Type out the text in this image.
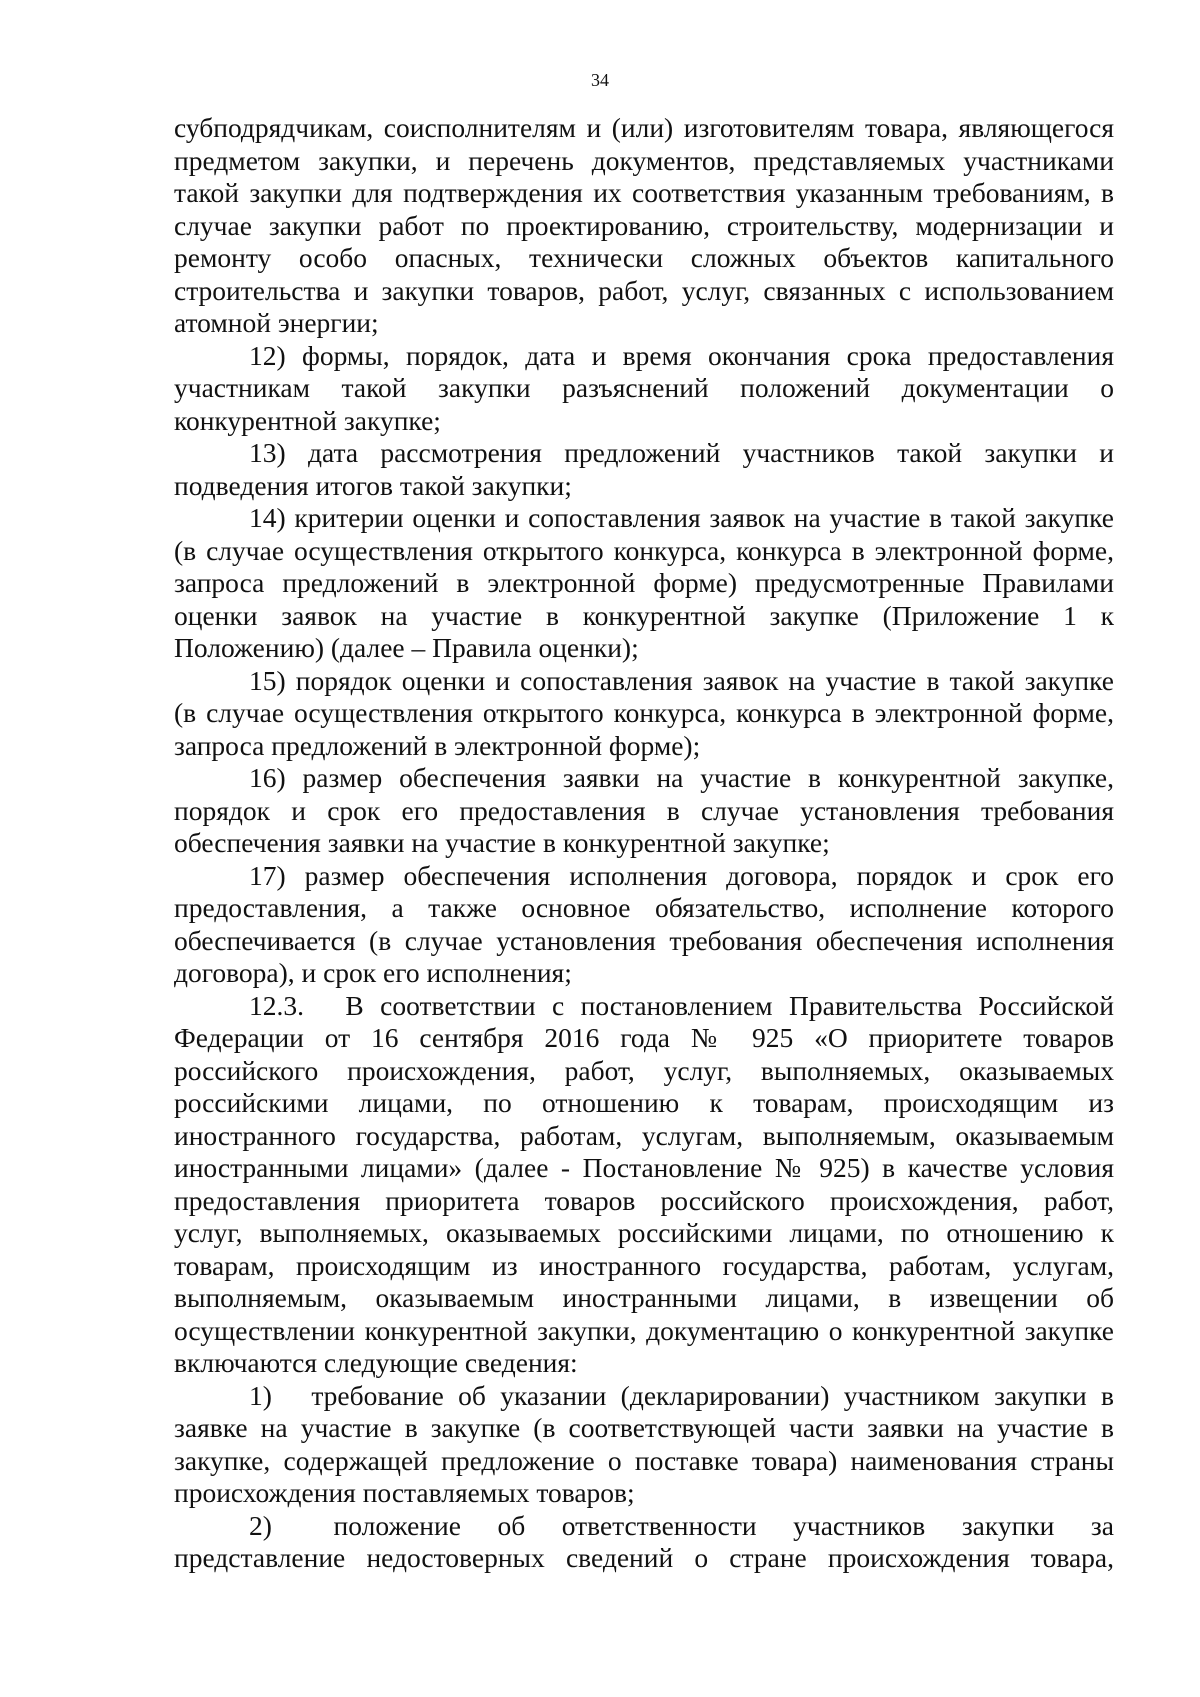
34
субподрядчикам, соисполнителям и (или) изготовителям товара, являющегося
предметом закупки, и перечень документов, представляемых участниками
такой закупки для подтверждения их соответствия указанным требованиям, в
случае закупки работ по проектированию, строительству, модернизации и
ремонту особо опасных, технически сложных объектов капитального
строительства и закупки товаров, работ, услуг, связанных с использованием
атомной энергии;
12) формы, порядок, дата и время окончания срока предоставления
участникам такой закупки разъяснений положений документации о
конкурентной закупке;
13) дата рассмотрения предложений участников такой закупки и
подведения итогов такой закупки;
14) критерии оценки и сопоставления заявок на участие в такой закупке
(в случае осуществления открытого конкурса, конкурса в электронной форме,
запроса предложений в электронной форме) предусмотренные Правилами
оценки заявок на участие в конкурентной закупке (Приложение 1 к
Положению) (далее – Правила оценки);
15) порядок оценки и сопоставления заявок на участие в такой закупке
(в случае осуществления открытого конкурса, конкурса в электронной форме,
запроса предложений в электронной форме);
16) размер обеспечения заявки на участие в конкурентной закупке,
порядок и срок его предоставления в случае установления требования
обеспечения заявки на участие в конкурентной закупке;
17) размер обеспечения исполнения договора, порядок и срок его
предоставления, а также основное обязательство, исполнение которого
обеспечивается (в случае установления требования обеспечения исполнения
договора), и срок его исполнения;
12.3. В соответствии с постановлением Правительства Российской
Федерации от 16 сентября 2016 года № 925 «О приоритете товаров
российского происхождения, работ, услуг, выполняемых, оказываемых
российскими лицами, по отношению к товарам, происходящим из
иностранного государства, работам, услугам, выполняемым, оказываемым
иностранными лицами» (далее - Постановление № 925) в качестве условия
предоставления приоритета товаров российского происхождения, работ,
услуг, выполняемых, оказываемых российскими лицами, по отношению к
товарам, происходящим из иностранного государства, работам, услугам,
выполняемым, оказываемым иностранными лицами, в извещении об
осуществлении конкурентной закупки, документацию о конкурентной закупке
включаются следующие сведения:
1) требование об указании (декларировании) участником закупки в
заявке на участие в закупке (в соответствующей части заявки на участие в
закупке, содержащей предложение о поставке товара) наименования страны
происхождения поставляемых товаров;
2) положение об ответственности участников закупки за
представление недостоверных сведений о стране происхождения товара,
